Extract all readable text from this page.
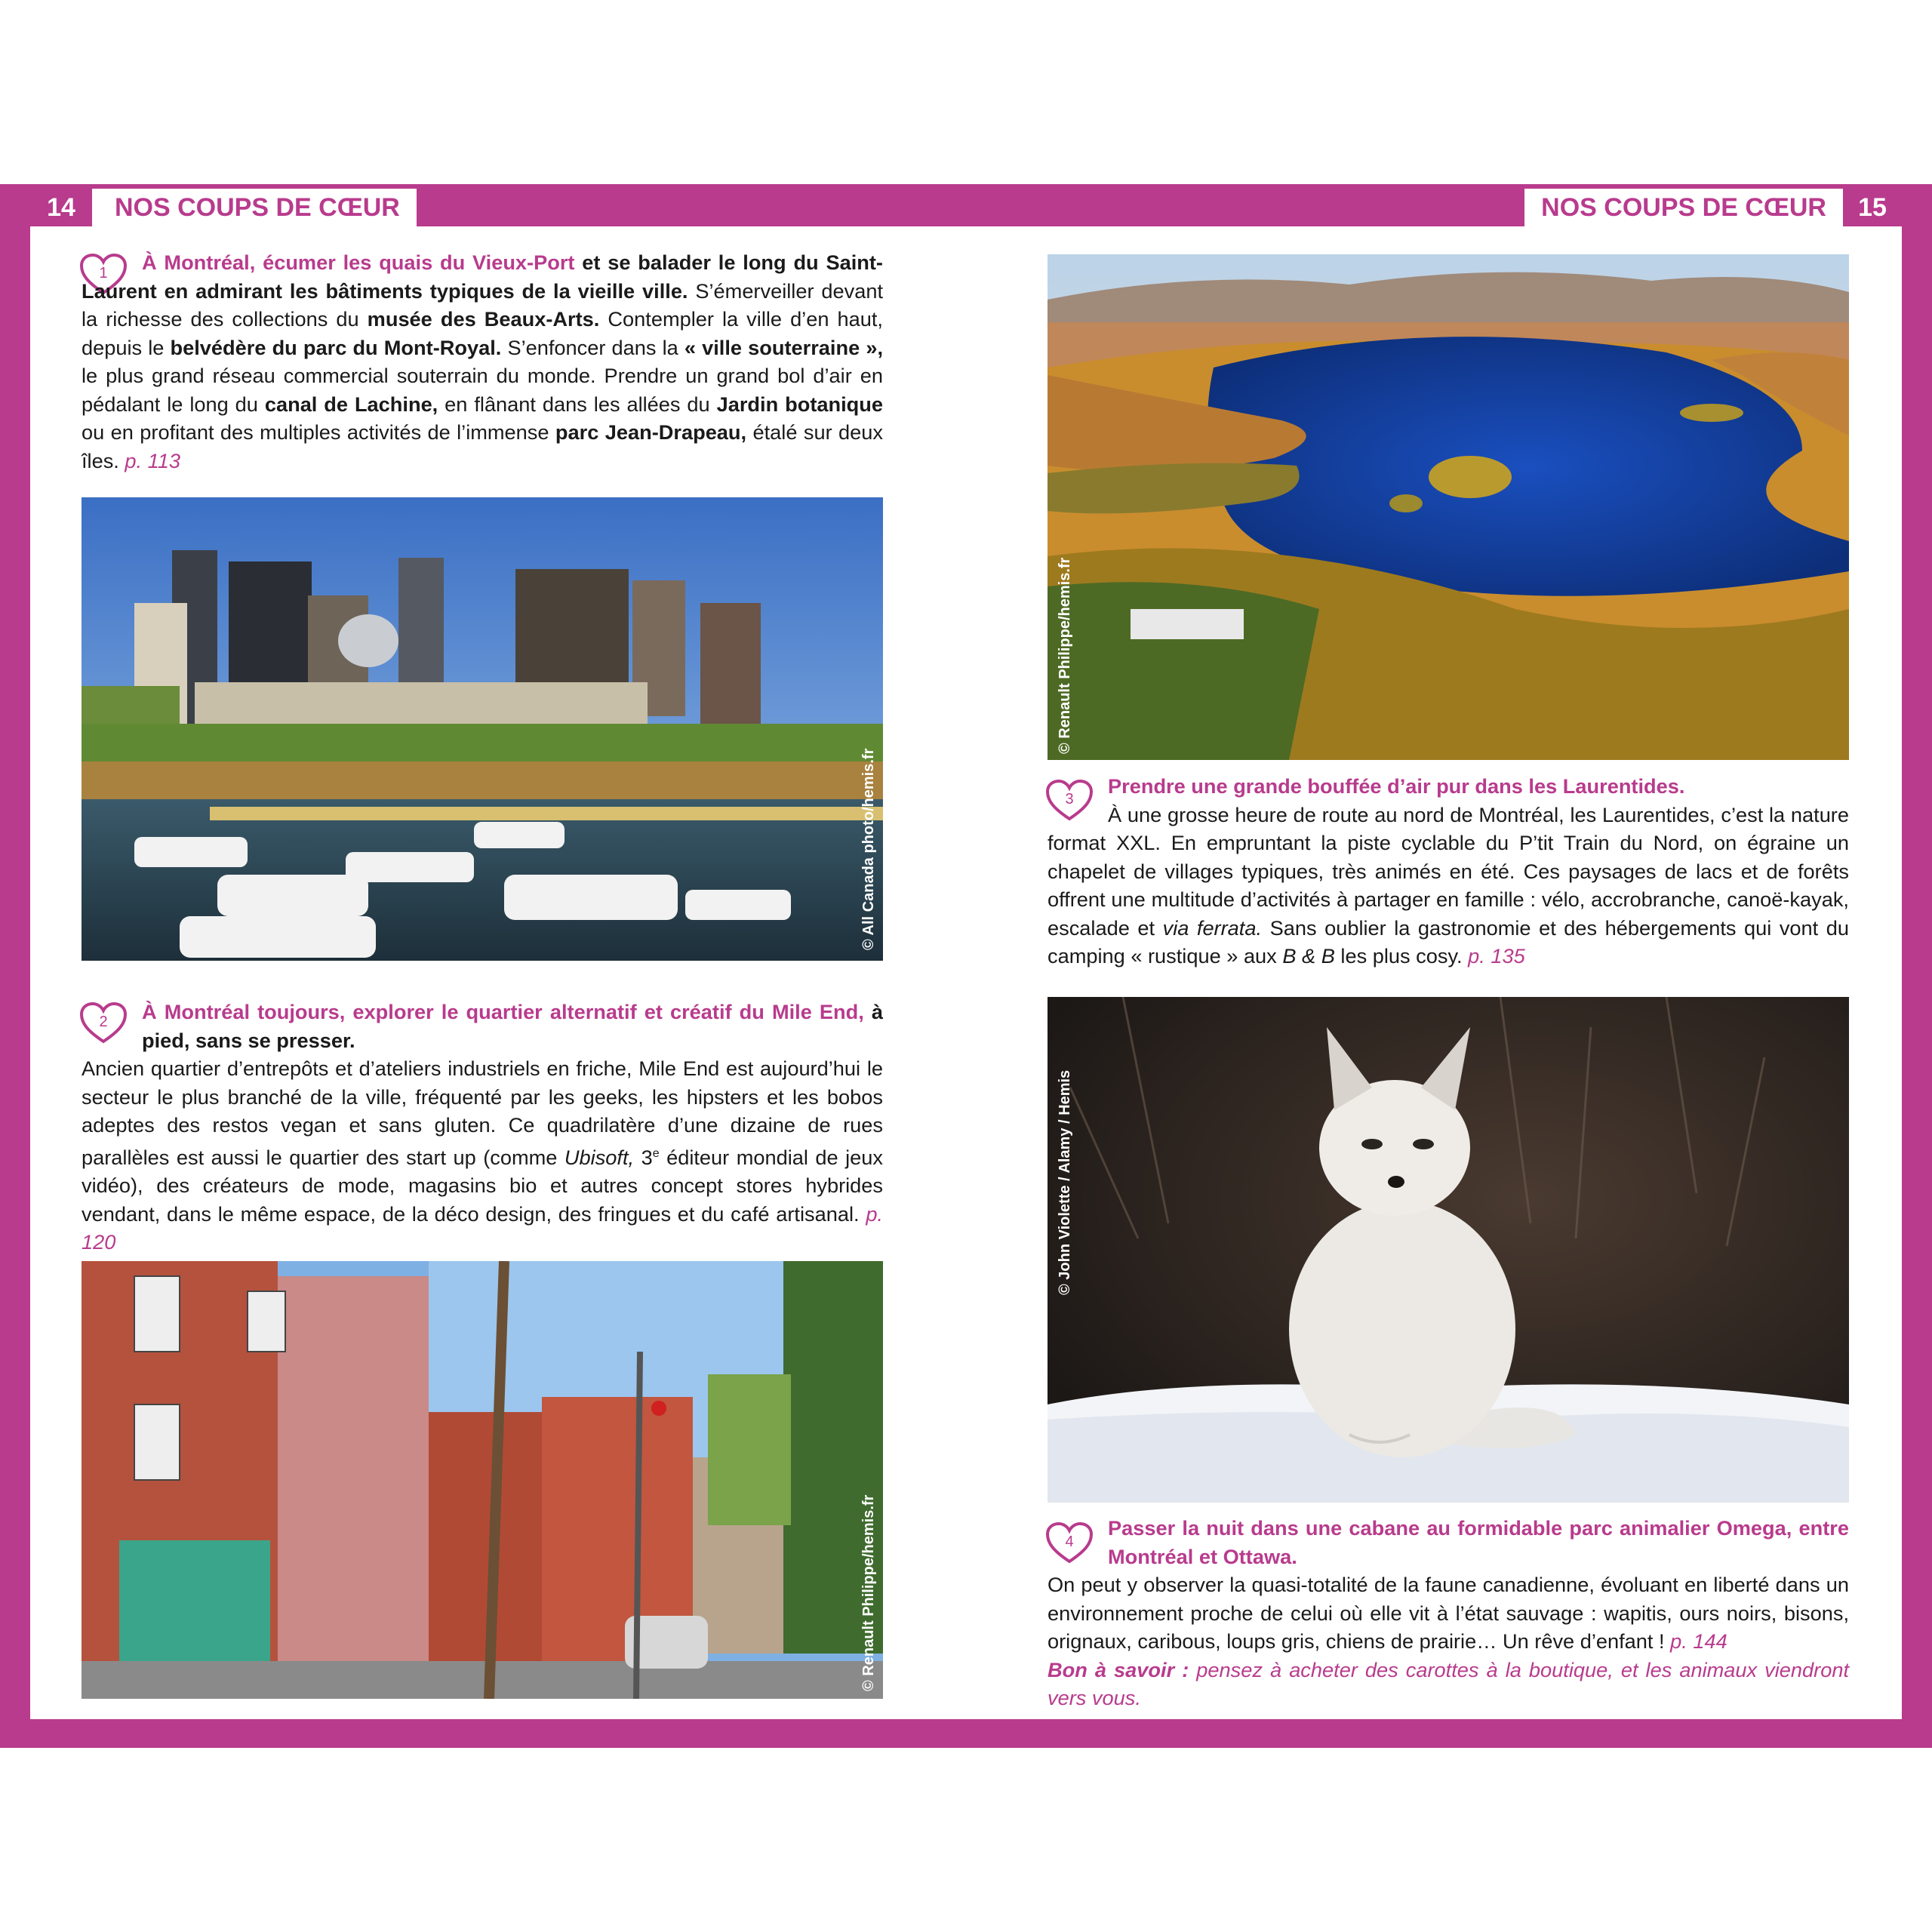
14	NOS COUPS DE CŒUR	NOS COUPS DE CŒUR	15
1	À Montréal, écumer les quais du Vieux-Port et se balader le long du Saint-Laurent en admirant les bâtiments typiques de la vieille ville. S’émerveiller devant la richesse des collections du musée des Beaux-Arts. Contempler la ville d’en haut, depuis le belvédère du parc du Mont-Royal. S’enfoncer dans la « ville souterraine », le plus grand réseau commercial souterrain du monde. Prendre un grand bol d’air en pédalant le long du canal de Lachine, en flânant dans les allées du Jardin botanique ou en profitant des multiples activités de l’immense parc Jean-Drapeau, étalé sur deux îles. p. 113

© All Canada photo/hemis.fr
2	À Montréal toujours, explorer le quartier alternatif et créatif du Mile End, à pied, sans se presser.

Ancien quartier d’entrepôts et d’ateliers industriels en friche, Mile End est aujourd’hui le secteur le plus branché de la ville, fréquenté par les geeks, les hipsters et les bobos adeptes des restos vegan et sans gluten. Ce quadrilatère d’une dizaine de rues parallèles est aussi le quartier des start up (comme Ubisoft, 3e éditeur mondial de jeux vidéo), des créateurs de mode, magasins bio et autres concept stores hybrides vendant, dans le même espace, de la déco design, des fringues et du café artisanal. p. 120

© Renault Philippe/hemis.fr
© Renault Philippe/hemis.fr
3

Prendre une grande bouffée d’air pur dans les Laurentides.

À une grosse heure de route au nord de Montréal, les Laurentides, c’est la nature format XXL. En empruntant la piste cyclable du P’tit Train du Nord, on égraine un chapelet de villages typiques, très animés en été. Ces paysages de lacs et de forêts offrent une multitude d’activités à partager en famille : vélo, accrobranche, canoë-kayak, escalade et via ferrata. Sans oublier la gastronomie et des hébergements qui vont du camping « rustique » aux B & B les plus cosy. p. 135

© John Violette / Alamy / Hemis
4

Passer la nuit dans une cabane au formidable parc animalier Omega, entre Montréal et Ottawa.

On peut y observer la quasi-totalité de la faune canadienne, évoluant en liberté dans un environnement proche de celui où elle vit à l’état sauvage : wapitis, ours noirs, bisons, orignaux, caribous, loups gris, chiens de prairie… Un rêve d’enfant ! p. 144
Bon à savoir : pensez à acheter des carottes à la boutique, et les animaux viendront vers vous.
